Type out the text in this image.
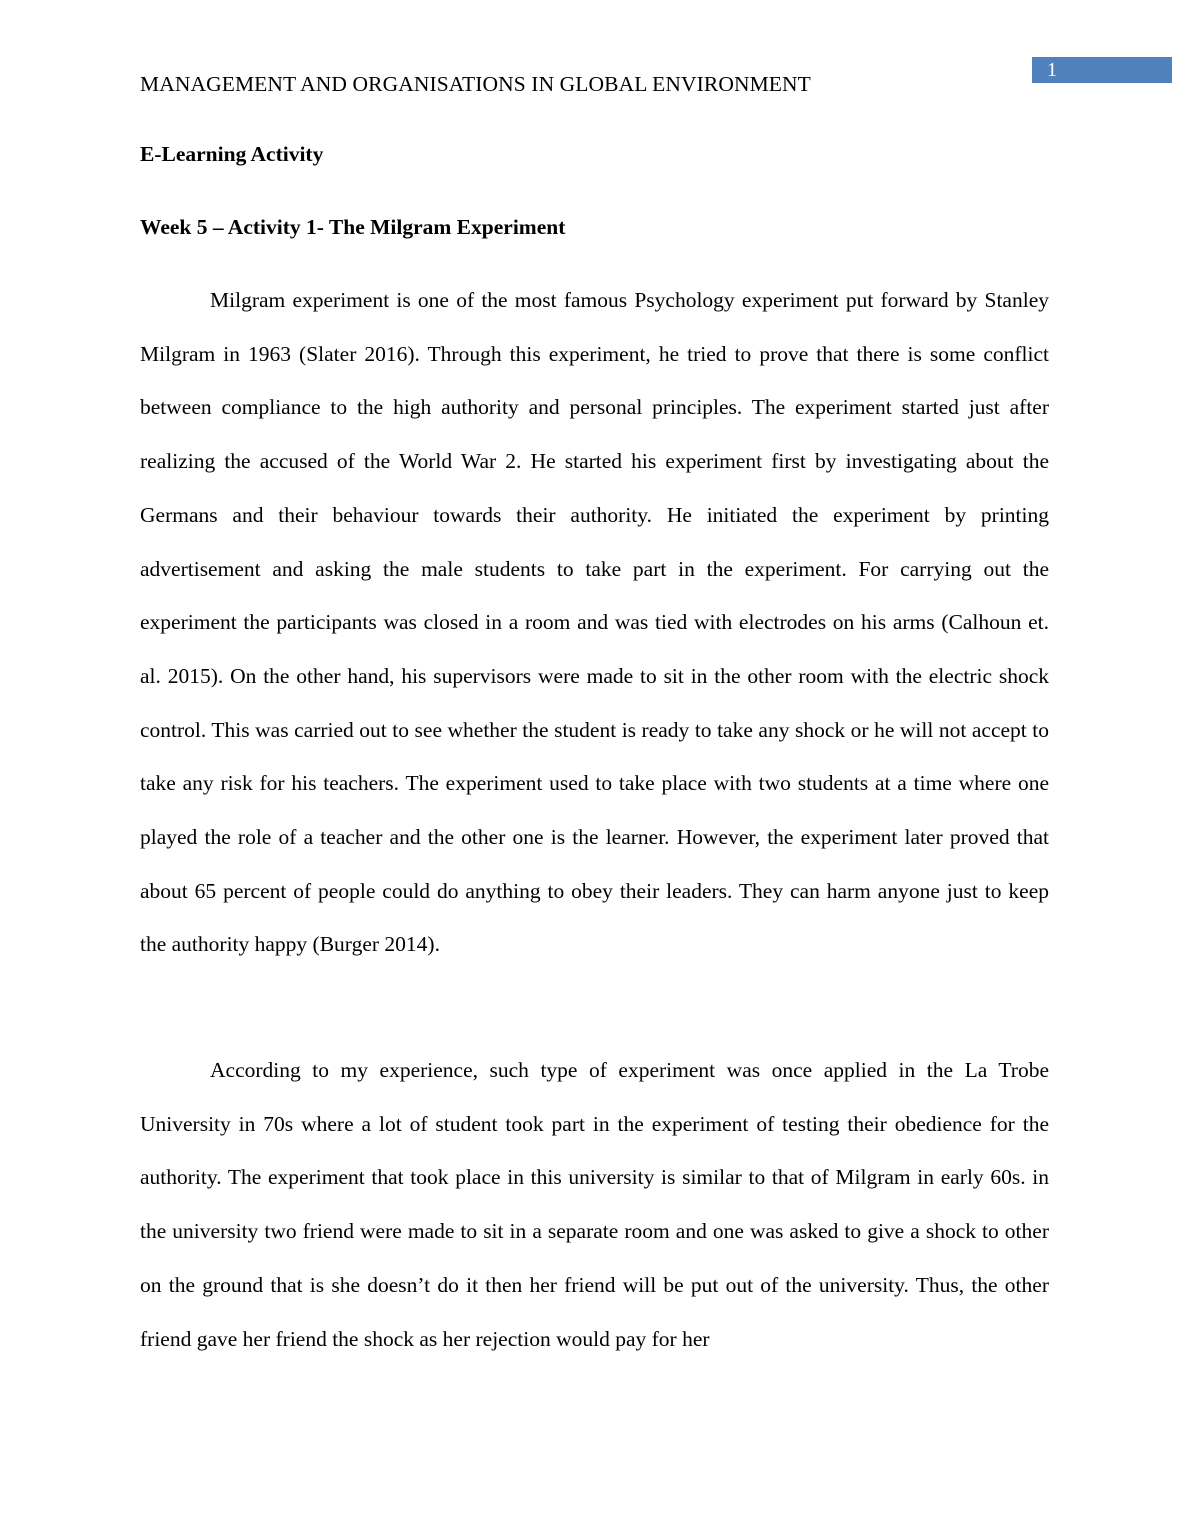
1
MANAGEMENT AND ORGANISATIONS IN GLOBAL ENVIRONMENT
E-Learning Activity
Week 5 – Activity 1- The Milgram Experiment

Milgram experiment is one of the most famous Psychology experiment put forward by Stanley Milgram in 1963 (Slater 2016). Through this experiment, he tried to prove that there is some conflict between compliance to the high authority and personal principles. The experiment started just after realizing the accused of the World War 2. He started his experiment first by investigating about the Germans and their behaviour towards their authority. He initiated the experiment by printing advertisement and asking the male students to take part in the experiment. For carrying out the experiment the participants was closed in a room and was tied with electrodes on his arms (Calhoun et. al. 2015). On the other hand, his supervisors were made to sit in the other room with the electric shock control. This was carried out to see whether the student is ready to take any shock or he will not accept to take any risk for his teachers. The experiment used to take place with two students at a time where one played the role of a teacher and the other one is the learner. However, the experiment later proved that about 65 percent of people could do anything to obey their leaders. They can harm anyone just to keep the authority happy (Burger 2014).

According to my experience, such type of experiment was once applied in the La Trobe University in 70s where a lot of student took part in the experiment of testing their obedience for the authority. The experiment that took place in this university is similar to that of Milgram in early 60s. in the university two friend were made to sit in a separate room and one was asked to give a shock to other on the ground that is she doesn’t do it then her friend will be put out of the university. Thus, the other friend gave her friend the shock as her rejection would pay for her
